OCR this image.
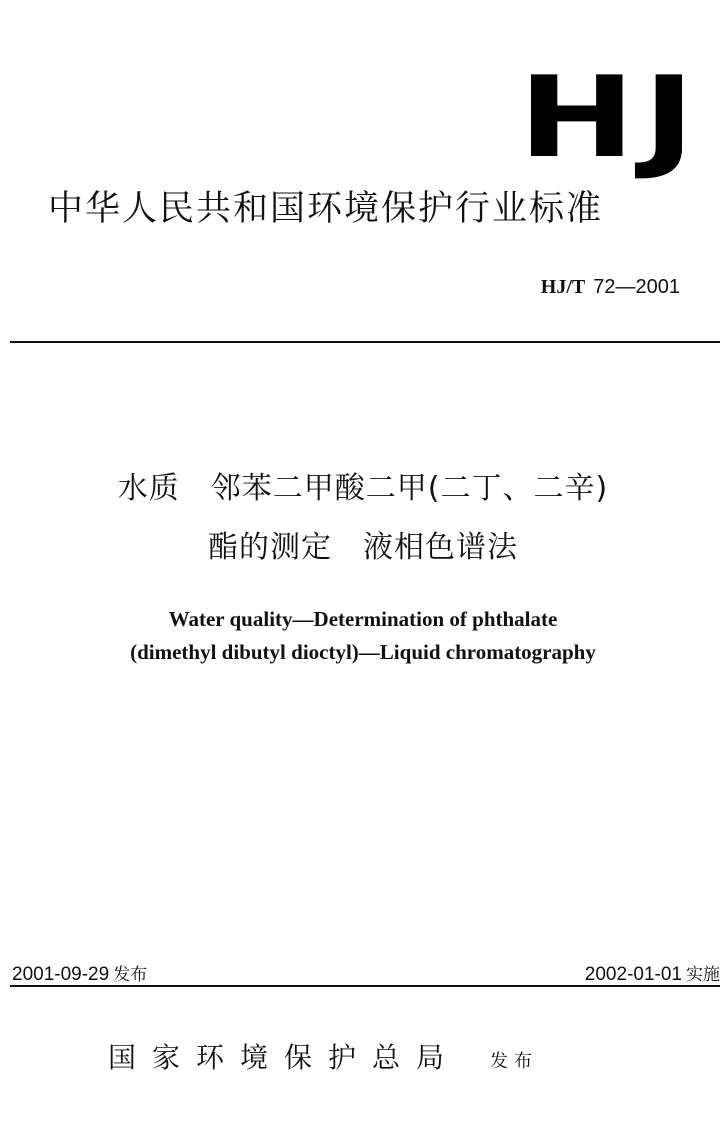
HJ
中华人民共和国环境保护行业标准
HJ/T 72—2001
水质　邻苯二甲酸二甲(二丁、二辛)
酯的测定　液相色谱法
Water quality—Determination of phthalate
(dimethyl dibutyl dioctyl)—Liquid chromatography
2001-09-29 发布	2002-01-01 实施
国家环境保护总局 发布
